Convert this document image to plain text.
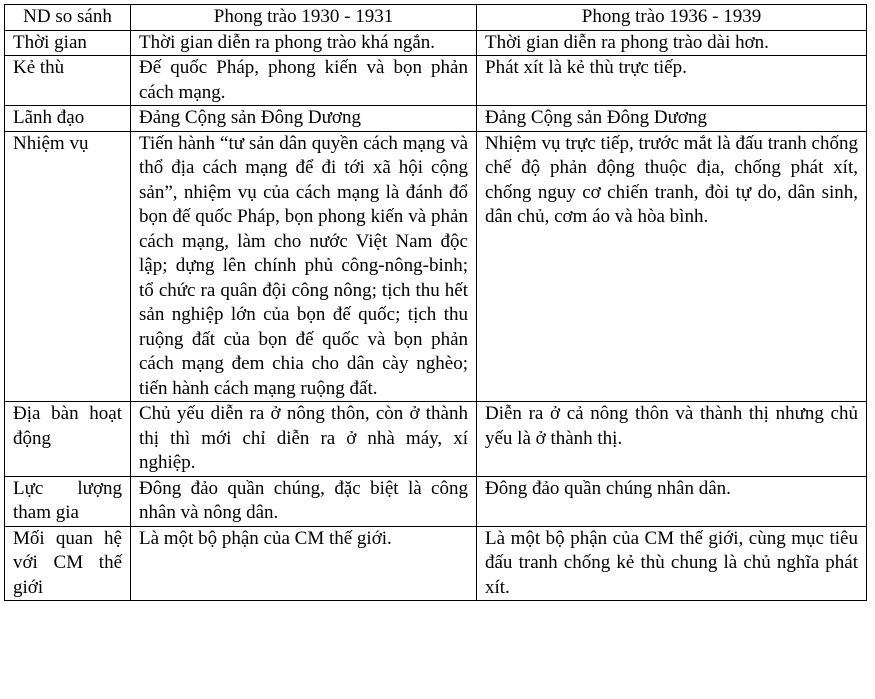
ND so sánh	Phong trào 1930 - 1931	Phong trào 1936 - 1939
Thời gian	Thời gian diễn ra phong trào khá ngắn.	Thời gian diễn ra phong trào dài hơn.
Kẻ thù	Đế quốc Pháp, phong kiến và bọn phản cách mạng.	Phát xít là kẻ thù trực tiếp.
Lãnh đạo	Đảng Cộng sản Đông Dương	Đảng Cộng sản Đông Dương
Nhiệm vụ	Tiến hành “tư sản dân quyền cách mạng và thổ địa cách mạng để đi tới xã hội cộng sản”, nhiệm vụ của cách mạng là đánh đổ bọn đế quốc Pháp, bọn phong kiến và phản cách mạng, làm cho nước Việt Nam độc lập; dựng lên chính phủ công-nông-binh; tổ chức ra quân đội công nông; tịch thu hết sản nghiệp lớn của bọn đế quốc; tịch thu ruộng đất của bọn đế quốc và bọn phản cách mạng đem chia cho dân cày nghèo; tiến hành cách mạng ruộng đất.	Nhiệm vụ trực tiếp, trước mắt là đấu tranh chống chế độ phản động thuộc địa, chống phát xít, chống nguy cơ chiến tranh, đòi tự do, dân sinh, dân chủ, cơm áo và hòa bình.
Địa bàn hoạt động	Chủ yếu diễn ra ở nông thôn, còn ở thành thị thì mới chỉ diễn ra ở nhà máy, xí nghiệp.	Diễn ra ở cả nông thôn và thành thị nhưng chủ yếu là ở thành thị.
Lực lượng tham gia	Đông đảo quần chúng, đặc biệt là công nhân và nông dân.	Đông đảo quần chúng nhân dân.
Mối quan hệ với CM thế giới	Là một bộ phận của CM thế giới.	Là một bộ phận của CM thế giới, cùng mục tiêu đấu tranh chống kẻ thù chung là chủ nghĩa phát xít.
